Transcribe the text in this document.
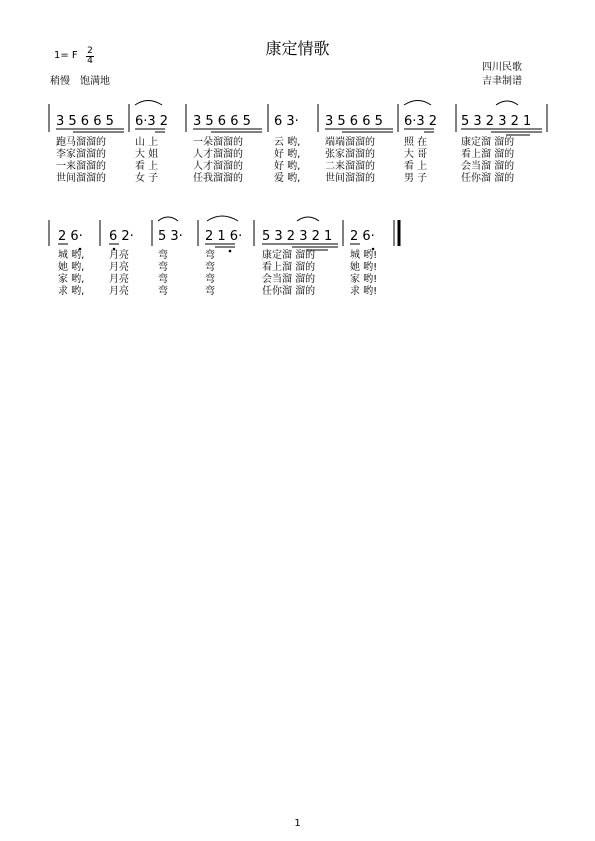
康定情歌
1= F 2
4
稍慢　饱满地
四川民歌
吉聿制谱
3 5 6 6 5 6·3 2 3 5 6 6 5 6 3· 3 5 6 6 5 6·3 2 5 3 2 3 2 1
2 6· 6 2· 5 3· 2 1 6· 5 3 2 3 2 1 2 6·
跑马溜溜的
李家溜溜的
一来溜溜的
世间溜溜的
山 上
大 姐
看 上
女 子
一朵溜溜的
人才溜溜的
人才溜溜的
任我溜溜的
云 哟,
好 哟,
好 哟,
爱 哟,
端端溜溜的
张家溜溜的
二来溜溜的
世间溜溜的
照 在
大 哥
看 上
男 子
康定溜 溜的
看上溜 溜的
会当溜 溜的
任你溜 溜的
城 哟,
她 哟,
家 哟,
求 哟,
月亮
月亮
月亮
月亮
弯
弯
弯
弯
弯
弯
弯
弯
康定溜 溜的
看上溜 溜的
会当溜 溜的
任你溜 溜的
城 哟!
她 哟!
家 哟!
求 哟!
1
